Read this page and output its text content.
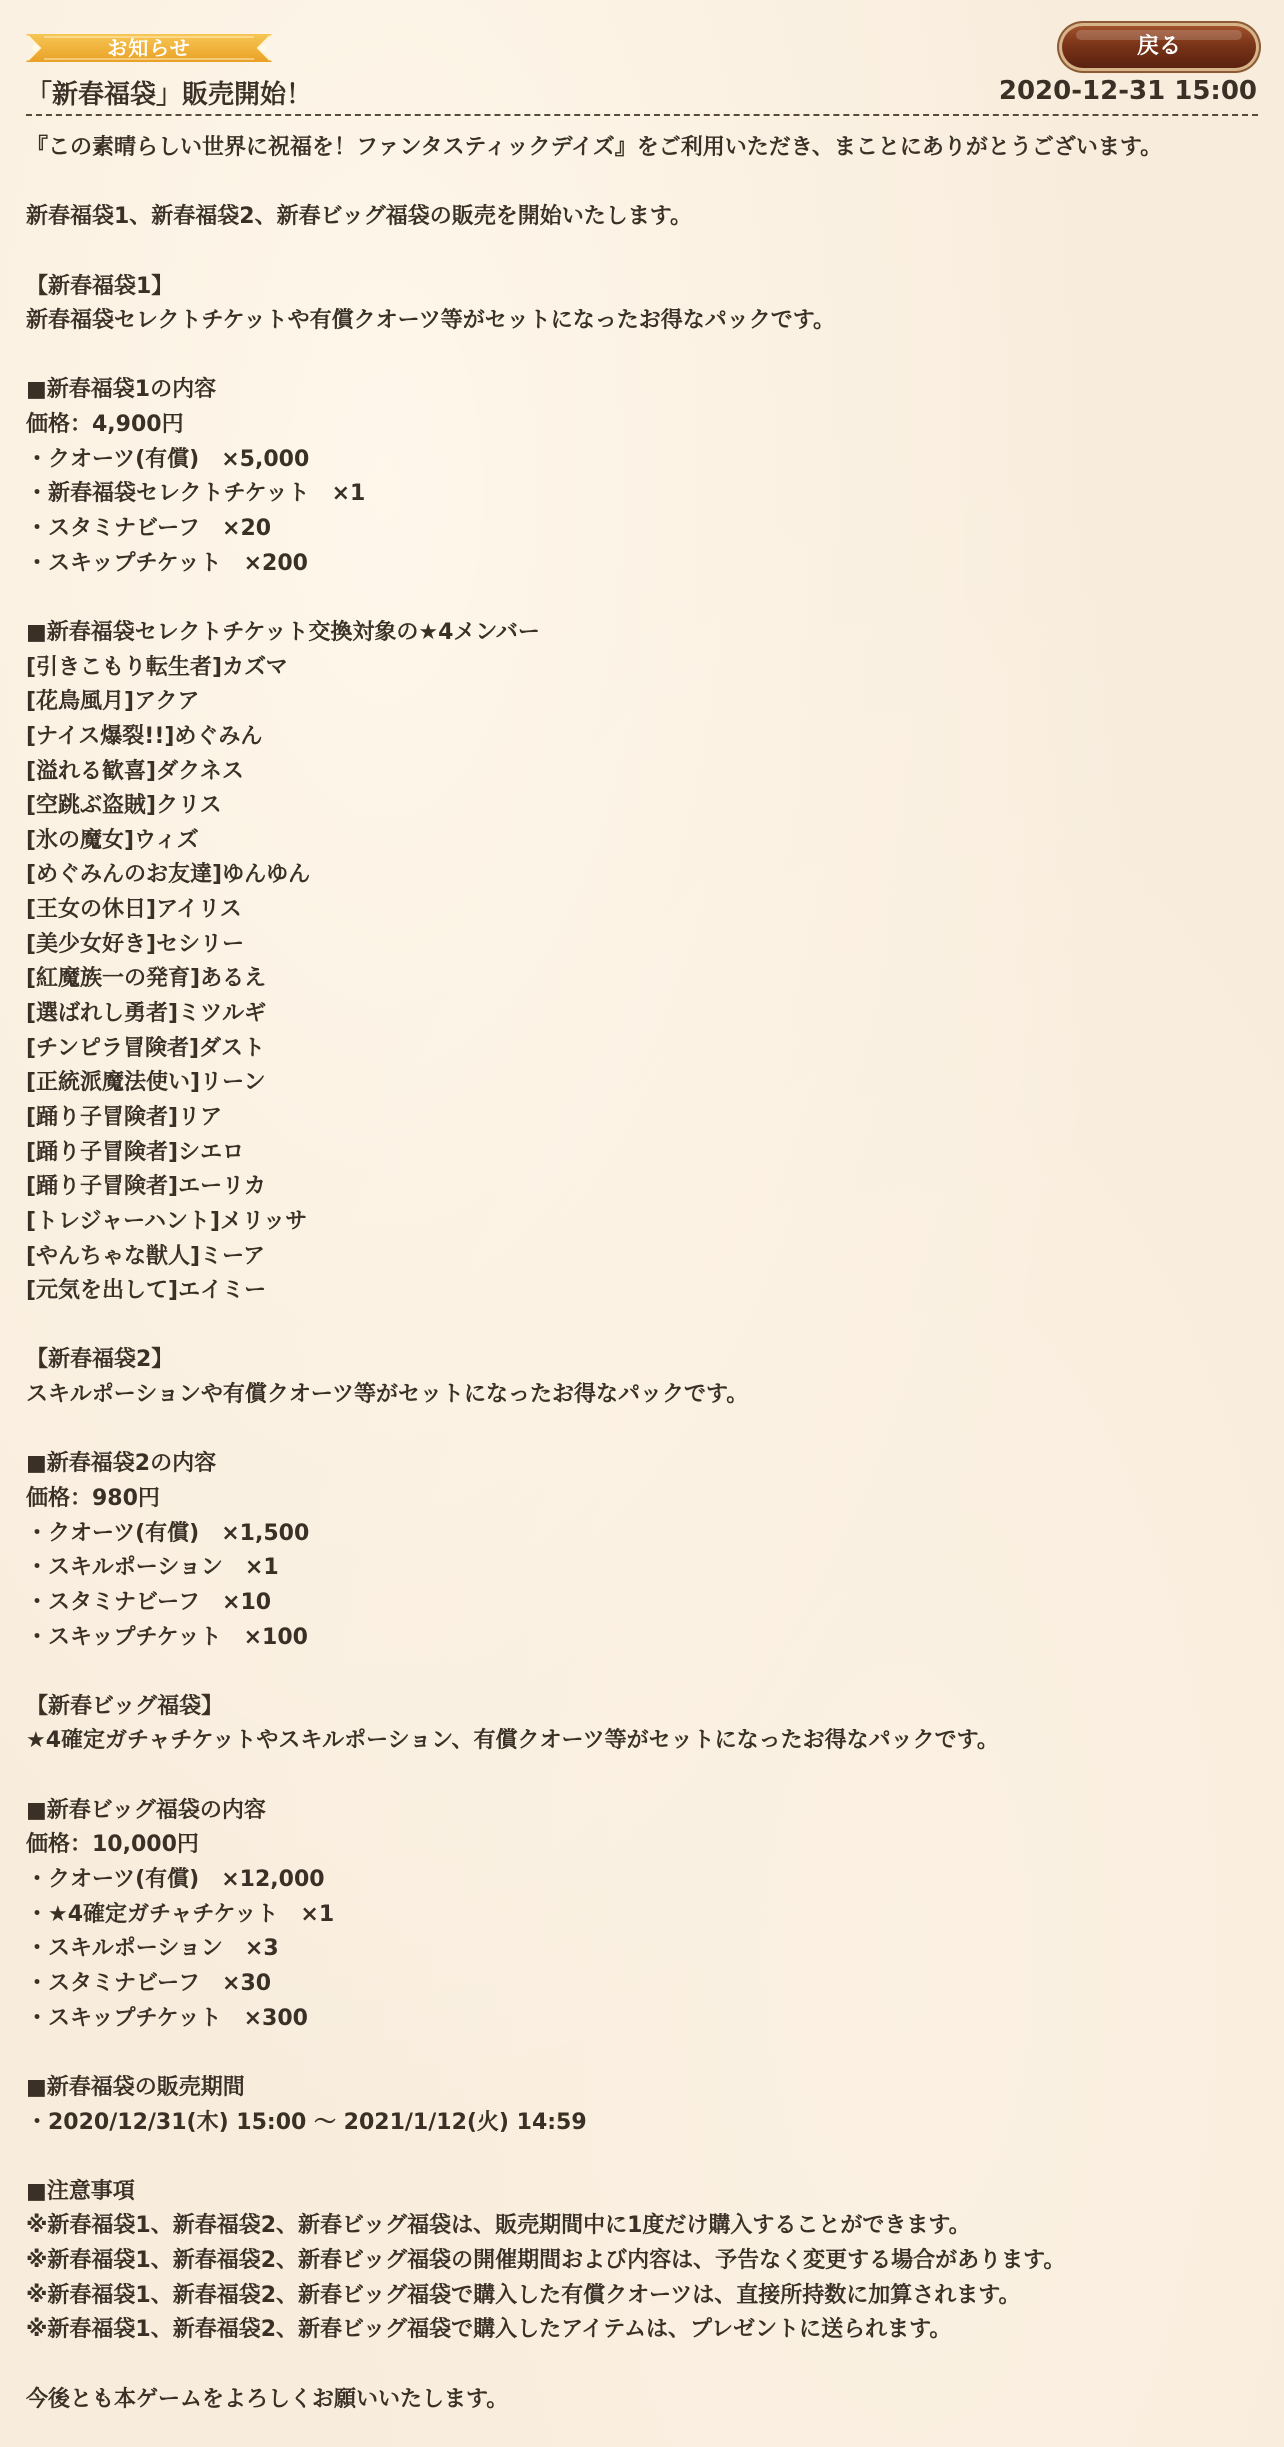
お知らせ	戻る
「新春福袋」販売開始！	2020-12-31 15:00
『この素晴らしい世界に祝福を！ファンタスティックデイズ』をご利用いただき、まことにありがとうございます。
新春福袋1、新春福袋2、新春ビッグ福袋の販売を開始いたします。
【新春福袋1】
新春福袋セレクトチケットや有償クオーツ等がセットになったお得なパックです。
■新春福袋1の内容
価格：4,900円
・クオーツ(有償)　×5,000
・新春福袋セレクトチケット　×1
・スタミナビーフ　×20
・スキップチケット　×200
■新春福袋セレクトチケット交換対象の★4メンバー
[引きこもり転生者]カズマ
[花鳥風月]アクア
[ナイス爆裂!!]めぐみん
[溢れる歓喜]ダクネス
[空跳ぶ盗賊]クリス
[氷の魔女]ウィズ
[めぐみんのお友達]ゆんゆん
[王女の休日]アイリス
[美少女好き]セシリー
[紅魔族一の発育]あるえ
[選ばれし勇者]ミツルギ
[チンピラ冒険者]ダスト
[正統派魔法使い]リーン
[踊り子冒険者]リア
[踊り子冒険者]シエロ
[踊り子冒険者]エーリカ
[トレジャーハント]メリッサ
[やんちゃな獣人]ミーア
[元気を出して]エイミー
【新春福袋2】
スキルポーションや有償クオーツ等がセットになったお得なパックです。
■新春福袋2の内容
価格：980円
・クオーツ(有償)　×1,500
・スキルポーション　×1
・スタミナビーフ　×10
・スキップチケット　×100
【新春ビッグ福袋】
★4確定ガチャチケットやスキルポーション、有償クオーツ等がセットになったお得なパックです。
■新春ビッグ福袋の内容
価格：10,000円
・クオーツ(有償)　×12,000
・★4確定ガチャチケット　×1
・スキルポーション　×3
・スタミナビーフ　×30
・スキップチケット　×300
■新春福袋の販売期間
・2020/12/31(木) 15:00 ～ 2021/1/12(火) 14:59
■注意事項
※新春福袋1、新春福袋2、新春ビッグ福袋は、販売期間中に1度だけ購入することができます。
※新春福袋1、新春福袋2、新春ビッグ福袋の開催期間および内容は、予告なく変更する場合があります。
※新春福袋1、新春福袋2、新春ビッグ福袋で購入した有償クオーツは、直接所持数に加算されます。
※新春福袋1、新春福袋2、新春ビッグ福袋で購入したアイテムは、プレゼントに送られます。
今後とも本ゲームをよろしくお願いいたします。
